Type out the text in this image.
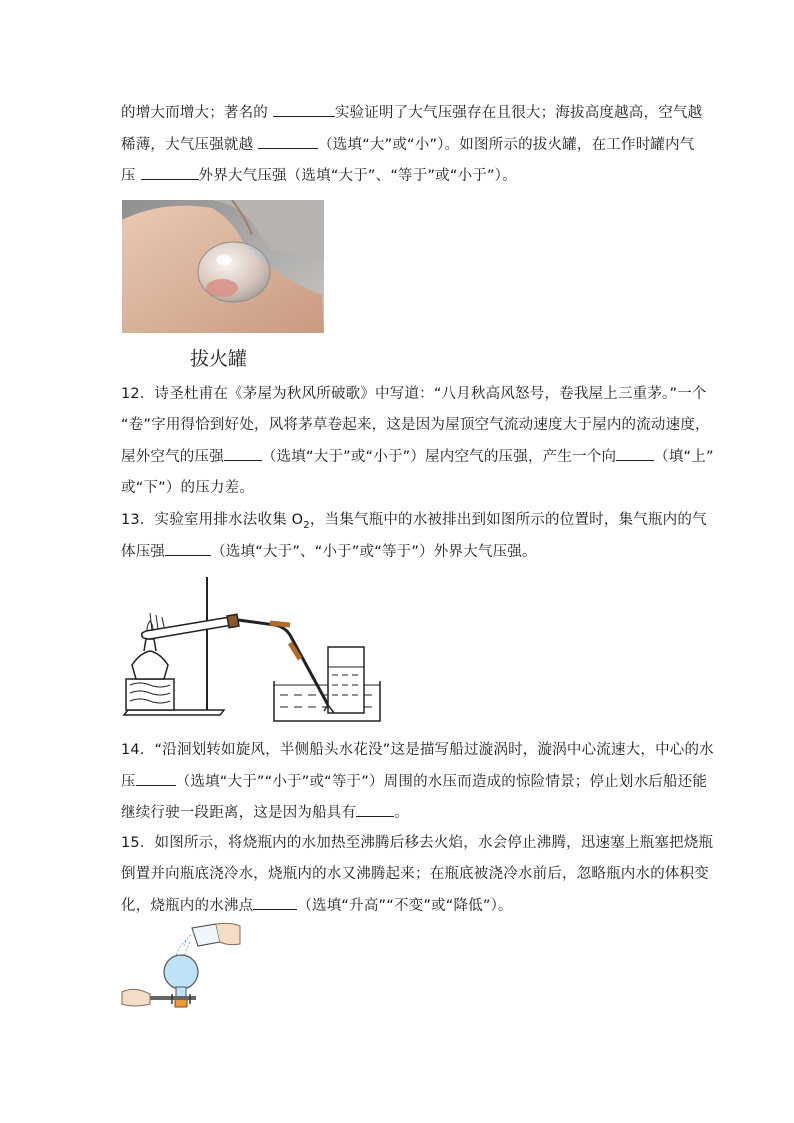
的增大而增大；著名的	实验证明了大气压强存在且很大；海拔高度越高，空气越
稀薄，大气压强就越	（选填“大”或“小”）。如图所示的拔火罐，在工作时罐内气
压	外界大气压强（选填“大于”、“等于”或“小于”）。
拔火罐
12．诗圣杜甫在《茅屋为秋风所破歌》中写道：“八月秋高风怒号，卷我屋上三重茅。”一个
“卷”字用得恰到好处，风将茅草卷起来，这是因为屋顶空气流动速度大于屋内的流动速度，
屋外空气的压强	（选填“大于”或“小于”）屋内空气的压强，产生一个向	（填“上”
或“下”）的压力差。
13．实验室用排水法收集 $O_2$，当集气瓶中的水被排出到如图所示的位置时，集气瓶内的气
体压强	（选填“大于”、“小于”或“等于”）外界大气压强。
14．“沿洄划转如旋风，半侧船头水花没”这是描写船过漩涡时，漩涡中心流速大，中心的水
压	（选填“大于”“小于”或“等于”）周围的水压而造成的惊险情景；停止划水后船还能
继续行驶一段距离，这是因为船具有	。
15．如图所示，将烧瓶内的水加热至沸腾后移去火焰，水会停止沸腾，迅速塞上瓶塞把烧瓶
倒置并向瓶底浇冷水，烧瓶内的水又沸腾起来；在瓶底被浇冷水前后，忽略瓶内水的体积变
化，烧瓶内的水沸点	（选填“升高”“不变”或“降低”）。
